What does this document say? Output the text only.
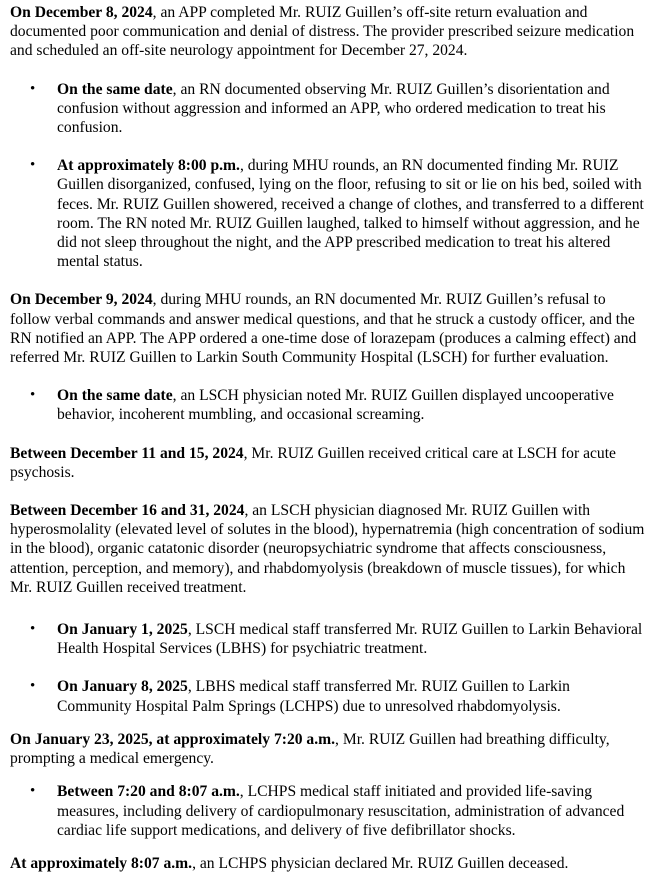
On December 8, 2024, an APP completed Mr. RUIZ Guillen’s off-site return evaluation and documented poor communication and denial of distress. The provider prescribed seizure medication and scheduled an off-site neurology appointment for December 27, 2024.

• On the same date, an RN documented observing Mr. RUIZ Guillen’s disorientation and confusion without aggression and informed an APP, who ordered medication to treat his confusion.
• At approximately 8:00 p.m., during MHU rounds, an RN documented finding Mr. RUIZ Guillen disorganized, confused, lying on the floor, refusing to sit or lie on his bed, soiled with feces. Mr. RUIZ Guillen showered, received a change of clothes, and transferred to a different room. The RN noted Mr. RUIZ Guillen laughed, talked to himself without aggression, and he did not sleep throughout the night, and the APP prescribed medication to treat his altered mental status.

On December 9, 2024, during MHU rounds, an RN documented Mr. RUIZ Guillen’s refusal to follow verbal commands and answer medical questions, and that he struck a custody officer, and the RN notified an APP. The APP ordered a one-time dose of lorazepam (produces a calming effect) and referred Mr. RUIZ Guillen to Larkin South Community Hospital (LSCH) for further evaluation.

• On the same date, an LSCH physician noted Mr. RUIZ Guillen displayed uncooperative behavior, incoherent mumbling, and occasional screaming.

Between December 11 and 15, 2024, Mr. RUIZ Guillen received critical care at LSCH for acute psychosis.

Between December 16 and 31, 2024, an LSCH physician diagnosed Mr. RUIZ Guillen with hyperosmolality (elevated level of solutes in the blood), hypernatremia (high concentration of sodium in the blood), organic catatonic disorder (neuropsychiatric syndrome that affects consciousness, attention, perception, and memory), and rhabdomyolysis (breakdown of muscle tissues), for which Mr. RUIZ Guillen received treatment.

• On January 1, 2025, LSCH medical staff transferred Mr. RUIZ Guillen to Larkin Behavioral Health Hospital Services (LBHS) for psychiatric treatment.
• On January 8, 2025, LBHS medical staff transferred Mr. RUIZ Guillen to Larkin Community Hospital Palm Springs (LCHPS) due to unresolved rhabdomyolysis.

On January 23, 2025, at approximately 7:20 a.m., Mr. RUIZ Guillen had breathing difficulty, prompting a medical emergency.

• Between 7:20 and 8:07 a.m., LCHPS medical staff initiated and provided life-saving measures, including delivery of cardiopulmonary resuscitation, administration of advanced cardiac life support medications, and delivery of five defibrillator shocks.

At approximately 8:07 a.m., an LCHPS physician declared Mr. RUIZ Guillen deceased.
